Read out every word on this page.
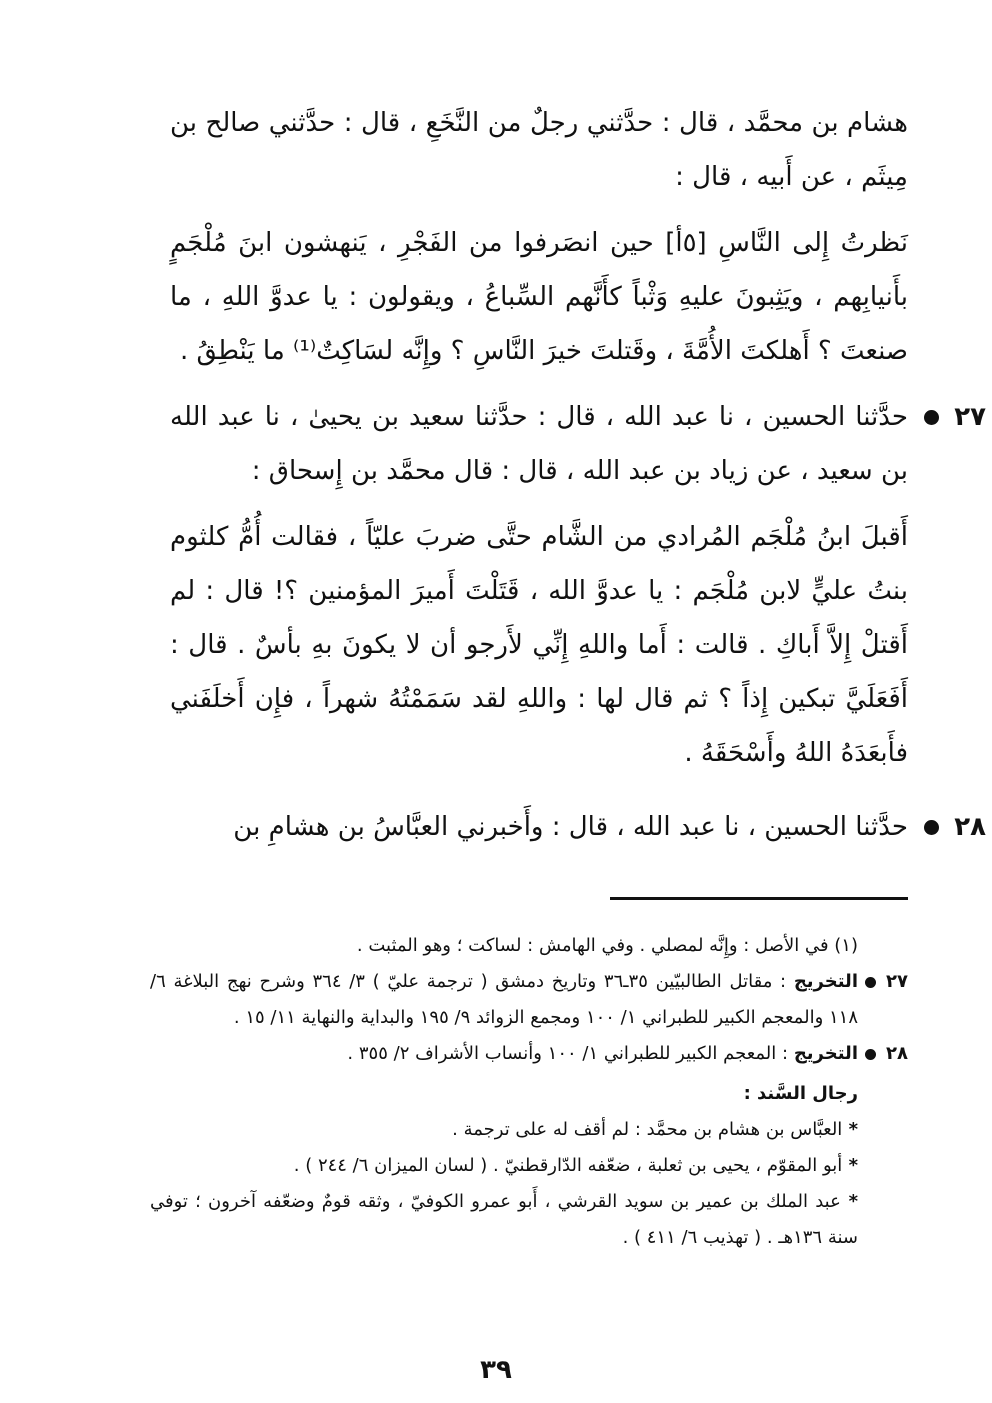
هشام بن محمَّد ، قال : حدَّثني رجلٌ من النَّخَعِ ، قال : حدَّثني صالح بن مِيثَم ، عن أَبيه ، قال :

نَظرتُ إِلى النَّاسِ [٥أ] حين انصَرفوا من الفَجْرِ ، يَنهشون ابنَ مُلْجَمٍ بأَنيابِهم ، ويَثِبونَ عليهِ وَثْباً كأَنَّهم السِّباعُ ، ويقولون : يا عدوَّ اللهِ ، ما صنعتَ ؟ أَهلكتَ الأُمَّةَ ، وقَتلتَ خيرَ النَّاسِ ؟ وإِنَّه لسَاكِتٌ⁽¹⁾ ما يَنْطِقُ .

٢٧

حدَّثنا الحسين ، نا عبد الله ، قال : حدَّثنا سعيد بن يحيىٰ ، نا عبد الله بن سعيد ، عن زياد بن عبد الله ، قال : قال محمَّد بن إِسحاق :

أَقبلَ ابنُ مُلْجَم المُرادي من الشَّام حتَّى ضربَ عليّاً ، فقالت أُمُّ كلثوم بنتُ عليٍّ لابن مُلْجَم : يا عدوَّ الله ، قَتَلْتَ أَميرَ المؤمنين ؟! قال : لم أَقتلْ إِلاَّ أَباكِ . قالت : أَما واللهِ إِنِّي لأَرجو أن لا يكونَ بهِ بأسٌ . قال : أَفَعَلَيَّ تبكين إِذاً ؟ ثم قال لها : واللهِ لقد سَمَمْتُهُ شهراً ، فإِن أَخلَفَني فأَبعَدَهُ اللهُ وأَسْحَقَهُ .

٢٨

حدَّثنا الحسين ، نا عبد الله ، قال : وأَخبرني العبَّاسُ بن هشامِ بن

(١) في الأصل : وإِنَّه لمصلي . وفي الهامش : لساكت ؛ وهو المثبت .

٢٧

التخريج : مقاتل الطالبيّين ٣٥ـ٣٦ وتاريخ دمشق ( ترجمة عليّ ) ٣/ ٣٦٤ وشرح نهج البلاغة ٦/ ١١٨ والمعجم الكبير للطبراني ١/ ١٠٠ ومجمع الزوائد ٩/ ١٩٥ والبداية والنهاية ١١/ ١٥ .

٢٨

التخريج : المعجم الكبير للطبراني ١/ ١٠٠ وأنساب الأشراف ٢/ ٣٥٥ .

رجال السَّند :

* العبَّاس بن هشام بن محمَّد : لم أقف له على ترجمة .

* أبو المقوّم ، يحيى بن ثعلبة ، ضعّفه الدّارقطنيّ . ( لسان الميزان ٦/ ٢٤٤ ) .

* عبد الملك بن عمير بن سويد القرشي ، أَبو عمرو الكوفيّ ، وثقه قومٌ وضعّفه آخرون ؛ توفي سنة ١٣٦هـ . ( تهذيب ٦/ ٤١١ ) .

٣٩
